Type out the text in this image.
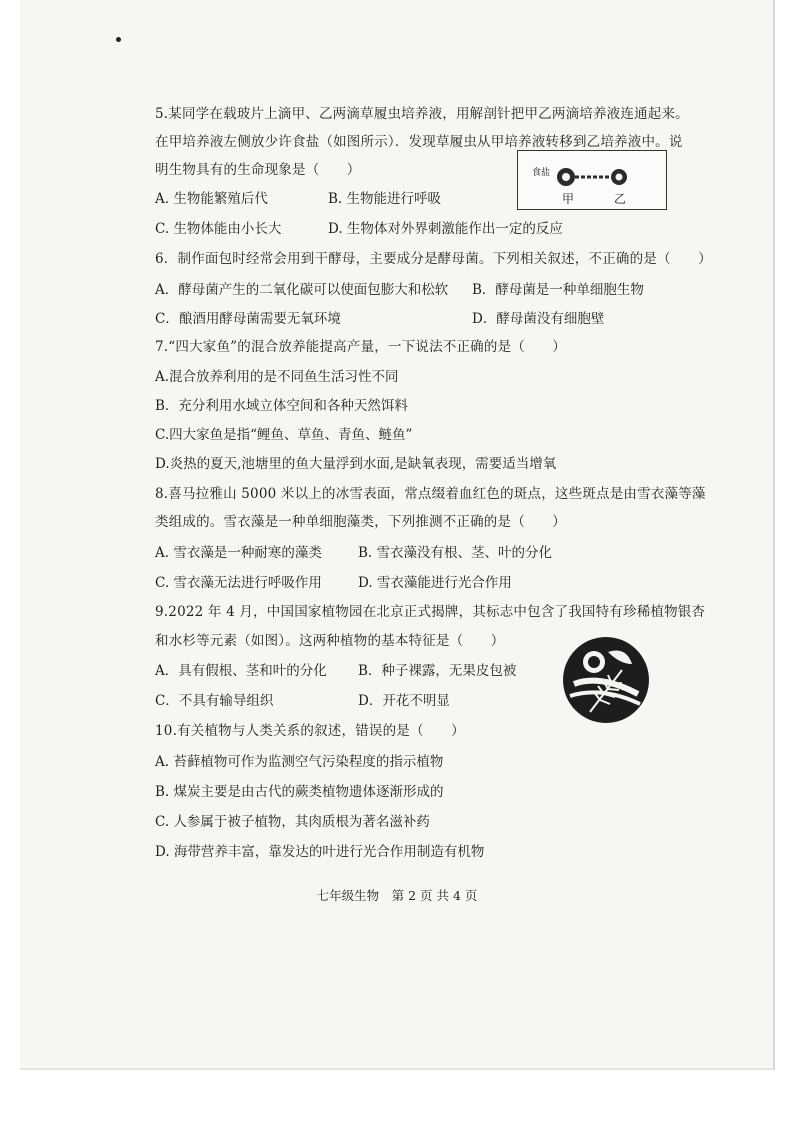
5.某同学在载玻片上滴甲、乙两滴草履虫培养液，用解剖针把甲乙两滴培养液连通起来。
在甲培养液左侧放少许食盐（如图所示）．发现草履虫从甲培养液转移到乙培养液中。说
明生物具有的生命现象是（　　）
A. 生物能繁殖后代	B. 生物能进行呼吸
C. 生物体能由小长大	D. 生物体对外界刺激能作出一定的反应
食盐
甲	乙
6．制作面包时经常会用到干酵母，主要成分是酵母菌。下列相关叙述，不正确的是（　　）
A．酵母菌产生的二氧化碳可以使面包膨大和松软 B．酵母菌是一种单细胞生物
C．酿酒用酵母菌需要无氧环境	D．酵母菌没有细胞壁
7.“四大家鱼”的混合放养能提高产量，一下说法不正确的是（　　）
A.混合放养利用的是不同鱼生活习性不同
B．充分利用水域立体空间和各种天然饵料
C.四大家鱼是指“鲤鱼、草鱼、青鱼、鲢鱼”
D.炎热的夏天,池塘里的鱼大量浮到水面,是缺氧表现，需要适当增氧
8.喜马拉雅山 5000 米以上的冰雪表面，常点缀着血红色的斑点，这些斑点是由雪衣藻等藻
类组成的。雪衣藻是一种单细胞藻类，下列推测不正确的是（　　）
A. 雪衣藻是一种耐寒的藻类	B. 雪衣藻没有根、茎、叶的分化
C. 雪衣藻无法进行呼吸作用	D. 雪衣藻能进行光合作用
9.2022 年 4 月，中国国家植物园在北京正式揭牌，其标志中包含了我国特有珍稀植物银杏
和水杉等元素（如图）。这两种植物的基本特征是（　　）
A．具有假根、茎和叶的分化 B．种子裸露，无果皮包被
C．不具有输导组织	D．开花不明显
10.有关植物与人类关系的叙述，错误的是（　　）
A. 苔藓植物可作为监测空气污染程度的指示植物
B. 煤炭主要是由古代的蕨类植物遗体逐渐形成的
C. 人参属于被子植物，其肉质根为著名滋补药
D. 海带营养丰富，靠发达的叶进行光合作用制造有机物
七年级生物　第 2 页 共 4 页
